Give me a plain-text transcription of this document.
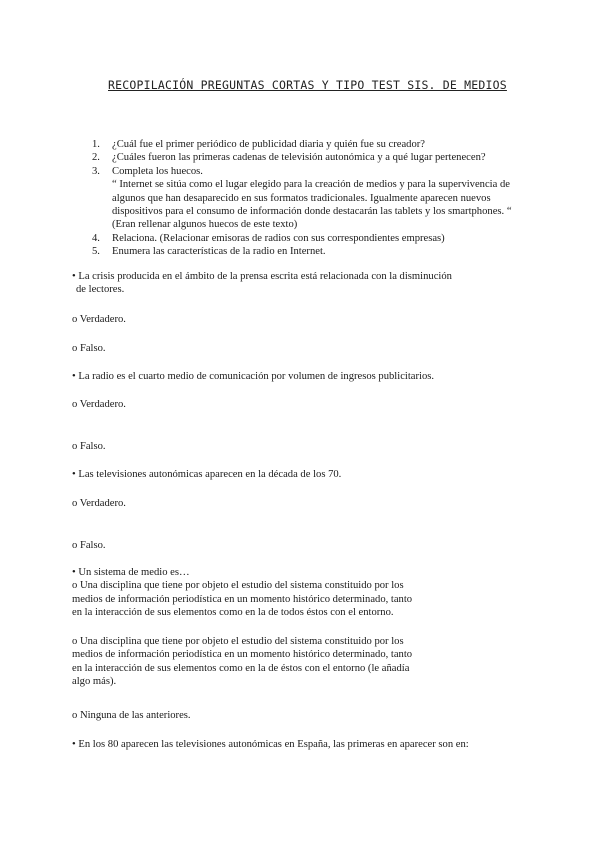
RECOPILACIÓN PREGUNTAS CORTAS Y TIPO TEST SIS. DE MEDIOS
1.	¿Cuál fue el primer periódico de publicidad diaria y quién fue su creador?
2.	¿Cuáles fueron las primeras cadenas de televisión autonómica y a qué lugar pertenecen?
3.	Completa los huecos.
“ Internet se sitúa como el lugar elegido para la creación de medios y para la supervivencia de
algunos que han desaparecido en sus formatos tradicionales. Igualmente aparecen nuevos
dispositivos para el consumo de información donde destacarán las tablets y los smartphones. “
(Eran rellenar algunos huecos de este texto)
4.	Relaciona. (Relacionar emisoras de radios con sus correspondientes empresas)
5.	Enumera las características de la radio en Internet.
• La crisis producida en el ámbito de la prensa escrita está relacionada con la disminución
de lectores.
o Verdadero.
o Falso.
• La radio es el cuarto medio de comunicación por volumen de ingresos publicitarios.
o Verdadero.
o Falso.
• Las televisiones autonómicas aparecen en la década de los 70.
o Verdadero.
o Falso.
• Un sistema de medio es…
o Una disciplina que tiene por objeto el estudio del sistema constituido por los
medios de información periodística en un momento histórico determinado, tanto
en la interacción de sus elementos como en la de todos éstos con el entorno.
o Una disciplina que tiene por objeto el estudio del sistema constituido por los
medios de información periodística en un momento histórico determinado, tanto
en la interacción de sus elementos como en la de éstos con el entorno (le añadía
algo más).
o Ninguna de las anteriores.
• En los 80 aparecen las televisiones autonómicas en España, las primeras en aparecer son en:
